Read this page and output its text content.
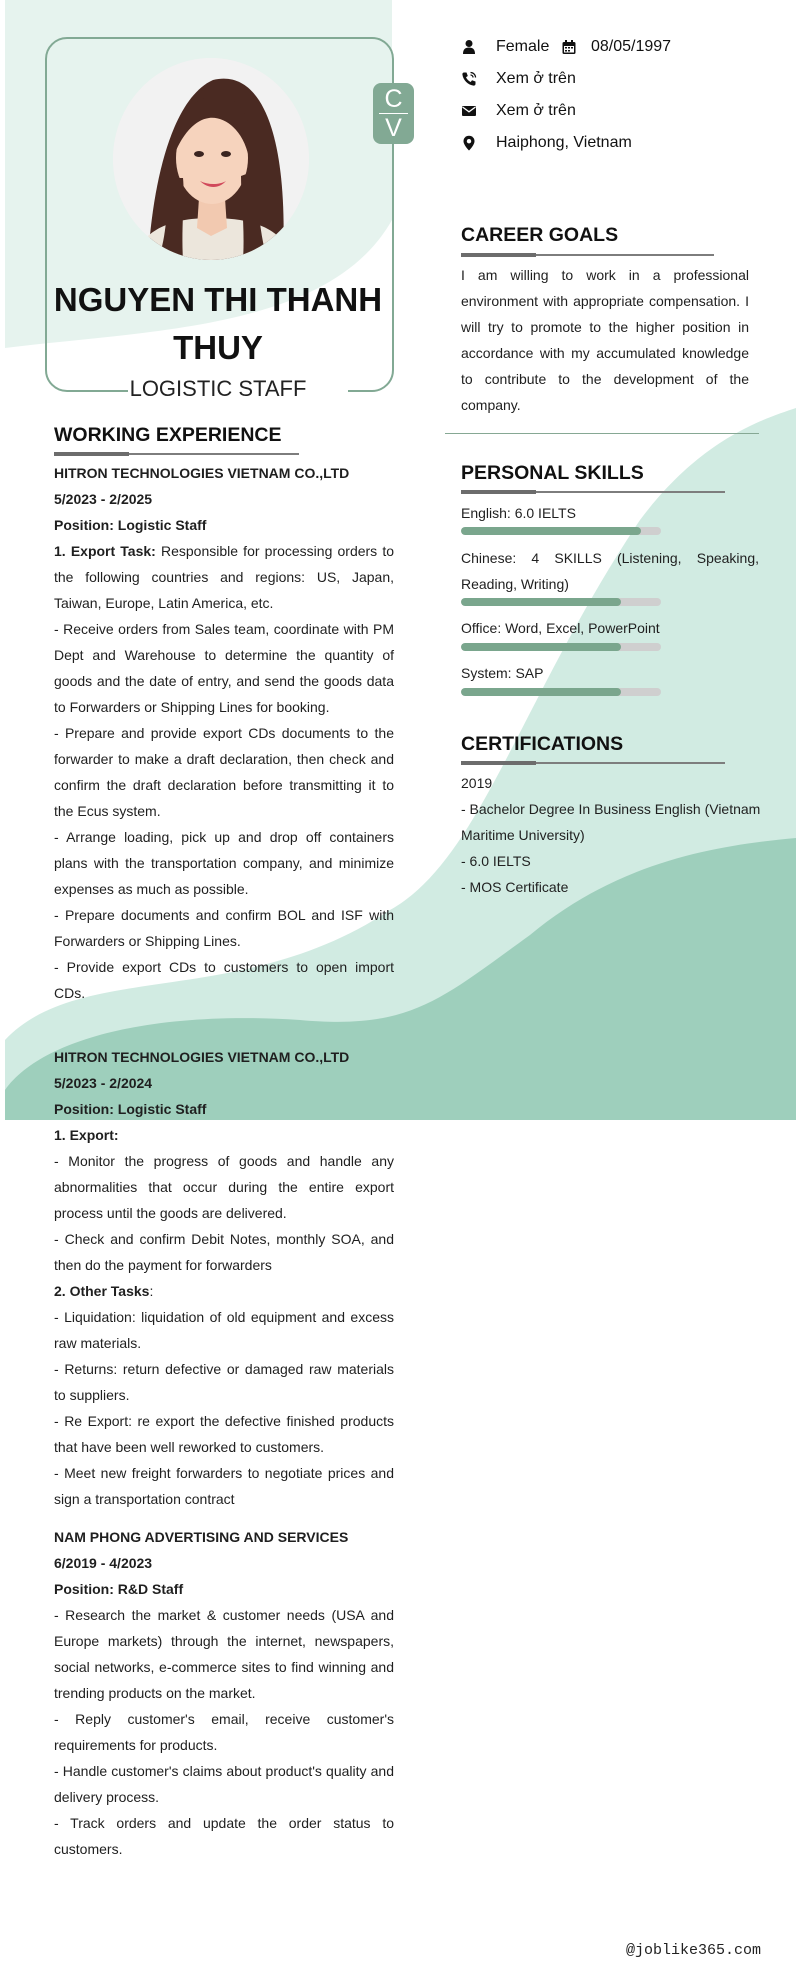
C
V
NGUYEN THI THANH THUY
LOGISTIC STAFF
Female	08/05/1997
Xem ở trên
Xem ở trên
Haiphong, Vietnam
CAREER GOALS
I am willing to work in a professional environment with appropriate compensation. I will try to promote to the higher position in accordance with my accumulated knowledge to contribute to the development of the company.
PERSONAL SKILLS
English: 6.0 IELTS
Chinese: 4 SKILLS (Listening, Speaking, Reading, Writing)
Office: Word, Excel, PowerPoint
System: SAP
CERTIFICATIONS
2019
- Bachelor Degree In Business English (Vietnam Maritime University)
- 6.0 IELTS
- MOS Certificate
WORKING EXPERIENCE
HITRON TECHNOLOGIES VIETNAM CO.,LTD
5/2023 - 2/2025
Position: Logistic Staff
1. Export Task: Responsible for processing orders to the following countries and regions: US, Japan, Taiwan, Europe, Latin America, etc.
- Receive orders from Sales team, coordinate with PM Dept and Warehouse to determine the quantity of goods and the date of entry, and send the goods data to Forwarders or Shipping Lines for booking.
- Prepare and provide export CDs documents to the forwarder to make a draft declaration, then check and confirm the draft declaration before transmitting it to the Ecus system.
- Arrange loading, pick up and drop off containers plans with the transportation company, and minimize expenses as much as possible.
- Prepare documents and confirm BOL and ISF with Forwarders or Shipping Lines.
- Provide export CDs to customers to open import CDs.
HITRON TECHNOLOGIES VIETNAM CO.,LTD
5/2023 - 2/2024
Position: Logistic Staff
1. Export:
- Monitor the progress of goods and handle any abnormalities that occur during the entire export process until the goods are delivered.
- Check and confirm Debit Notes, monthly SOA, and then do the payment for forwarders
2. Other Tasks:
- Liquidation: liquidation of old equipment and excess raw materials.
- Returns: return defective or damaged raw materials to suppliers.
- Re Export: re export the defective finished products that have been well reworked to customers.
- Meet new freight forwarders to negotiate prices and sign a transportation contract
NAM PHONG ADVERTISING AND SERVICES
6/2019 - 4/2023
Position: R&D Staff
- Research the market & customer needs (USA and Europe markets) through the internet, newspapers, social networks, e-commerce sites to find winning and trending products on the market.
- Reply customer's email, receive customer's requirements for products.
- Handle customer's claims about product's quality and delivery process.
- Track orders and update the order status to customers.
@joblike365.com
